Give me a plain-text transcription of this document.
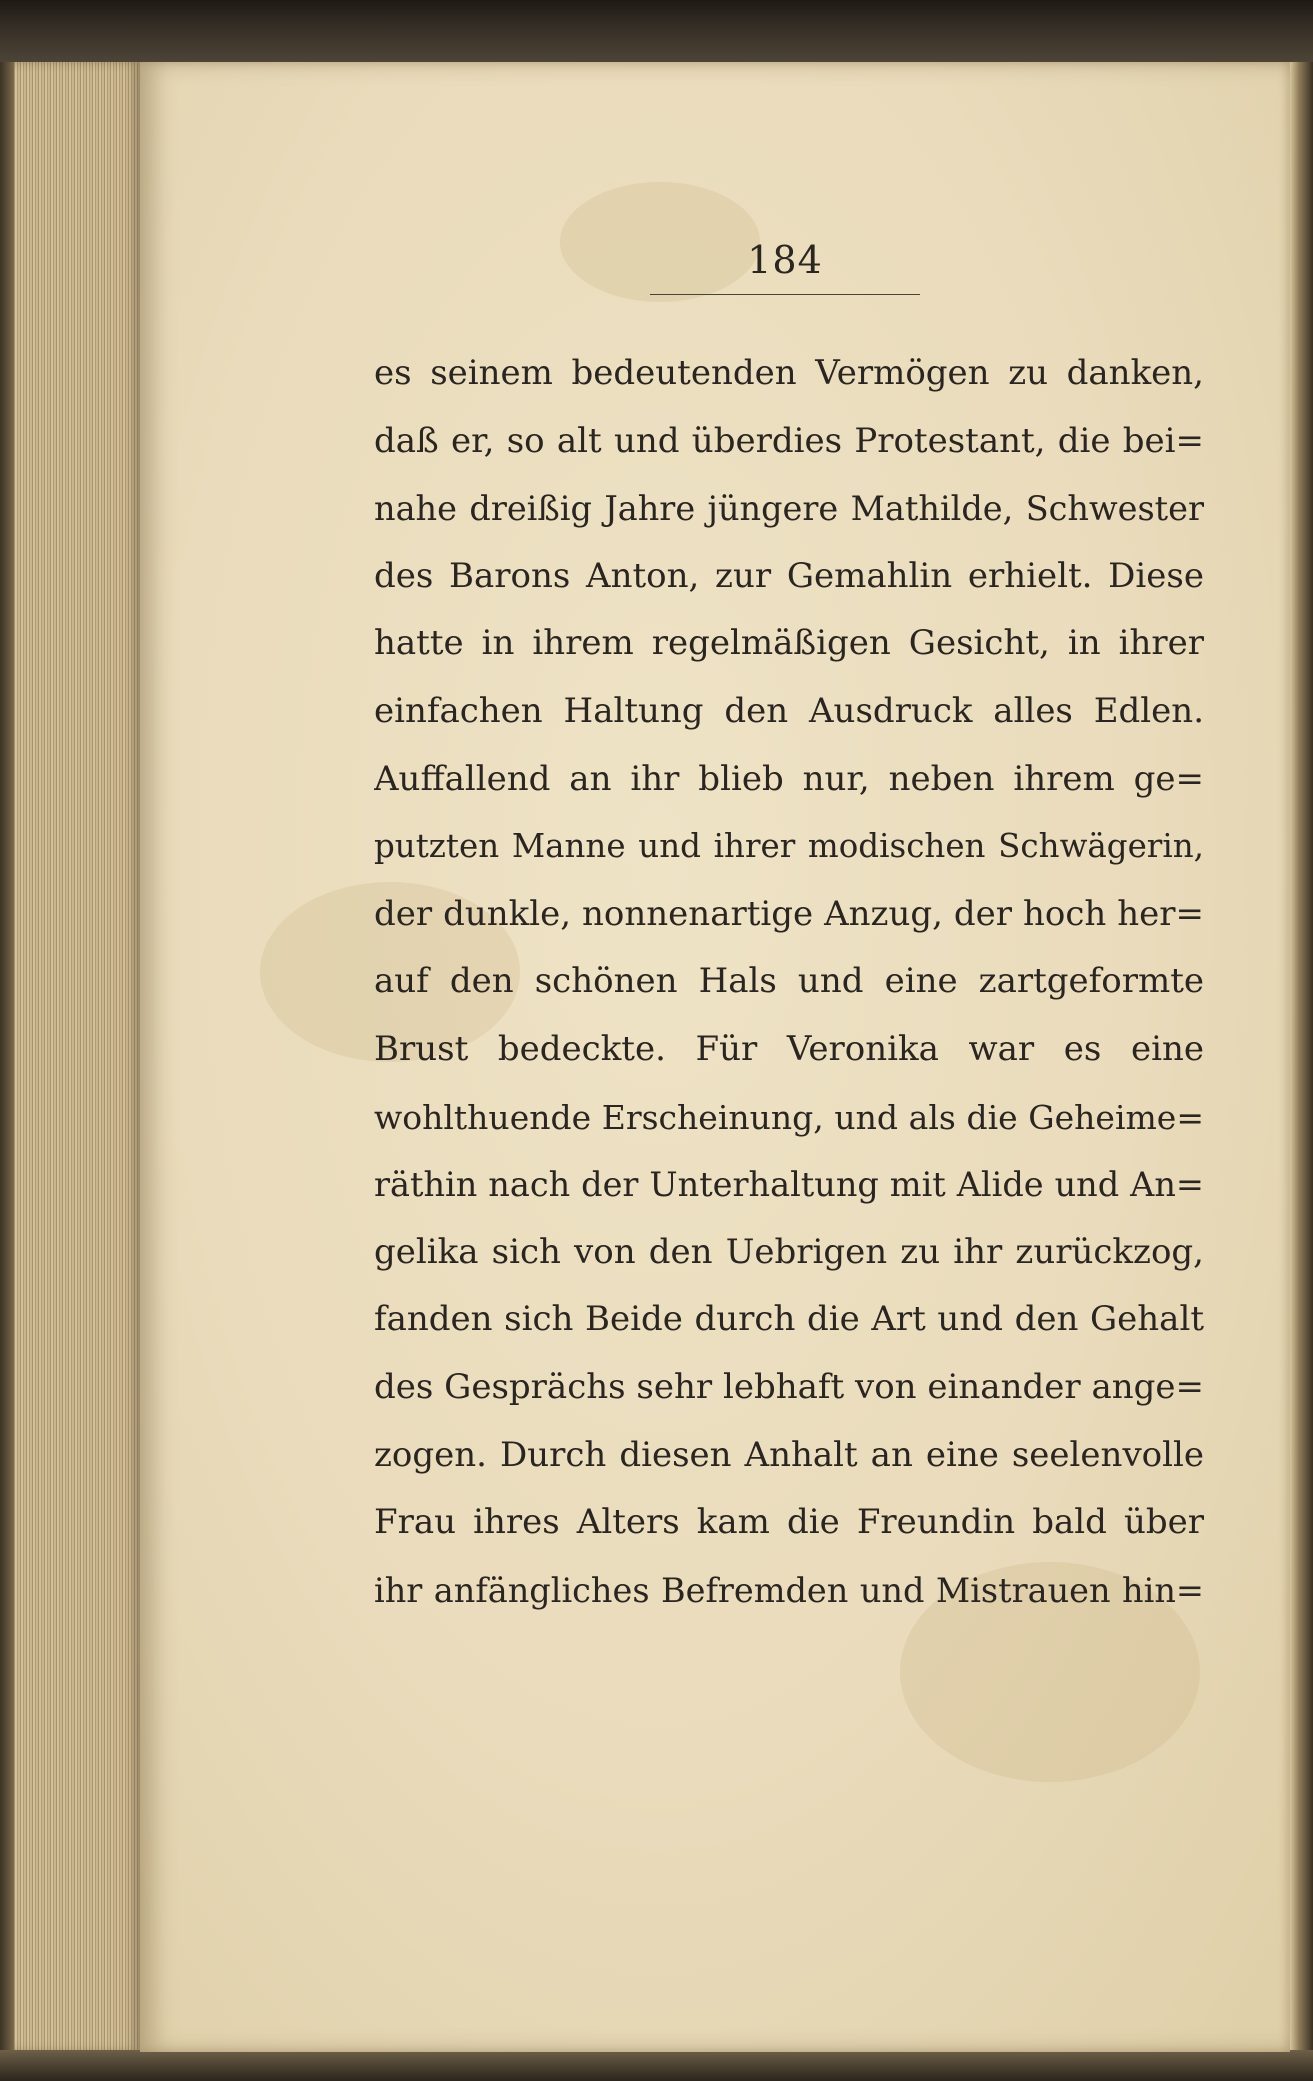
184
es seinem bedeutenden Vermögen zu danken,
daß er, so alt und überdies Protestant, die bei=
nahe dreißig Jahre jüngere Mathilde, Schwester
des Barons Anton, zur Gemahlin erhielt. Diese
hatte in ihrem regelmäßigen Gesicht, in ihrer
einfachen Haltung den Ausdruck alles Edlen.
Auffallend an ihr blieb nur, neben ihrem ge=
putzten Manne und ihrer modischen Schwägerin,
der dunkle, nonnenartige Anzug, der hoch her=
auf den schönen Hals und eine zartgeformte
Brust bedeckte. Für Veronika war es eine
wohlthuende Erscheinung, und als die Geheime=
räthin nach der Unterhaltung mit Alide und An=
gelika sich von den Uebrigen zu ihr zurückzog,
fanden sich Beide durch die Art und den Gehalt
des Gesprächs sehr lebhaft von einander ange=
zogen. Durch diesen Anhalt an eine seelenvolle
Frau ihres Alters kam die Freundin bald über
ihr anfängliches Befremden und Mistrauen hin=
